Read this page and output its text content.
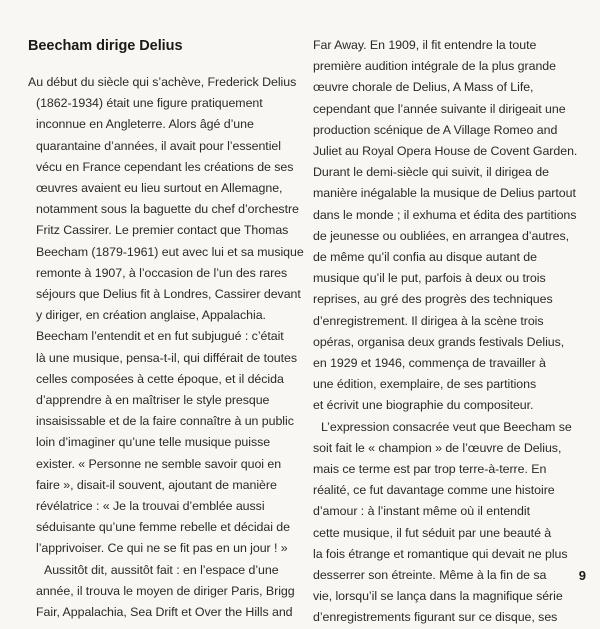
Beecham dirige Delius
Au début du siècle qui s’achève, Frederick Delius
(1862-1934) était une figure pratiquement
inconnue en Angleterre. Alors âgé d’une
quarantaine d’années, il avait pour l’essentiel
vécu en France cependant les créations de ses
œuvres avaient eu lieu surtout en Allemagne,
notamment sous la baguette du chef d’orchestre
Fritz Cassirer. Le premier contact que Thomas
Beecham (1879-1961) eut avec lui et sa musique
remonte à 1907, à l’occasion de l’un des rares
séjours que Delius fit à Londres, Cassirer devant
y diriger, en création anglaise, Appalachia.
Beecham l’entendit et en fut subjugué : c’était
là une musique, pensa-t-il, qui différait de toutes
celles composées à cette époque, et il décida
d’apprendre à en maîtriser le style presque
insaisissable et de la faire connaître à un public
loin d’imaginer qu’une telle musique puisse
exister. « Personne ne semble savoir quoi en
faire », disait-il souvent, ajoutant de manière
révélatrice : « Je la trouvai d’emblée aussi
séduisante qu’une femme rebelle et décidai de
l’apprivoiser. Ce qui ne se fit pas en un jour ! »
Aussitôt dit, aussitôt fait : en l’espace d’une
année, il trouva le moyen de diriger Paris, Brigg
Fair, Appalachia, Sea Drift et Over the Hills and
Far Away. En 1909, il fit entendre la toute
première audition intégrale de la plus grande
œuvre chorale de Delius, A Mass of Life,
cependant que l’année suivante il dirigeait une
production scénique de A Village Romeo and
Juliet au Royal Opera House de Covent Garden.
Durant le demi-siècle qui suivit, il dirigea de
manière inégalable la musique de Delius partout
dans le monde ; il exhuma et édita des partitions
de jeunesse ou oubliées, en arrangea d’autres,
de même qu’il confia au disque autant de
musique qu’il le put, parfois à deux ou trois
reprises, au gré des progrès des techniques
d’enregistrement. Il dirigea à la scène trois
opéras, organisa deux grands festivals Delius,
en 1929 et 1946, commença de travailler à
une édition, exemplaire, de ses partitions
et écrivit une biographie du compositeur.
L’expression consacrée veut que Beecham se
soit fait le « champion » de l’œuvre de Delius,
mais ce terme est par trop terre-à-terre. En
réalité, ce fut davantage comme une histoire
d’amour : à l’instant même où il entendit
cette musique, il fut séduit par une beauté à
la fois étrange et romantique qui devait ne plus
desserrer son étreinte. Même à la fin de sa
vie, lorsqu’il se lança dans la magnifique série
d’enregistrements figurant sur ce disque, ses
9
